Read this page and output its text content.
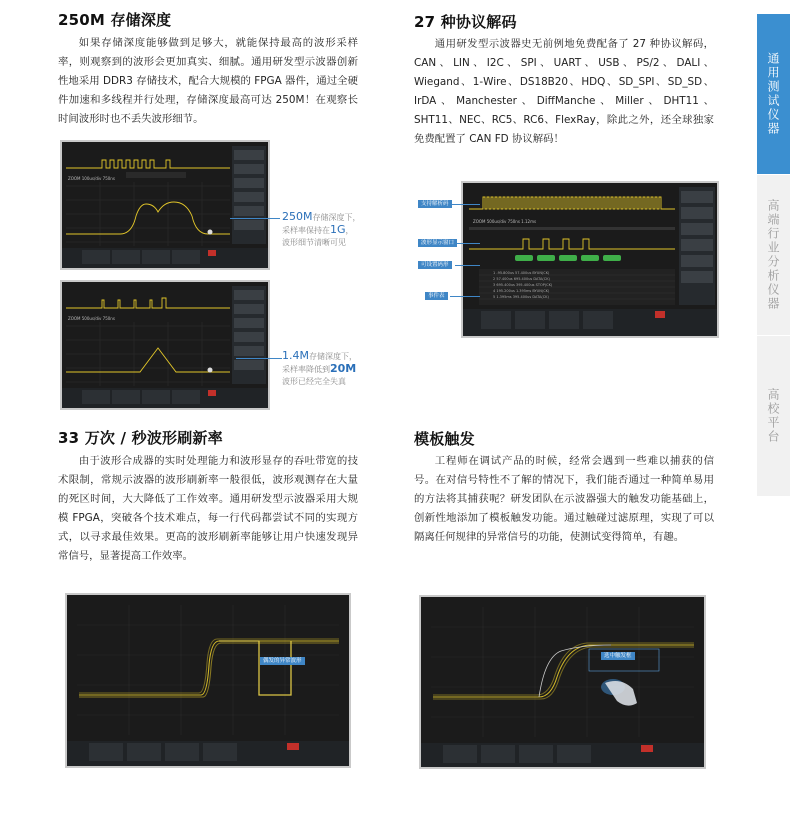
250M 存储深度

如果存储深度能够做到足够大，就能保持最高的波形采样率，则观察到的波形会更加真实、细腻。通用研发型示波器创新性地采用 DDR3 存储技术，配合大规模的 FPGA 器件，通过全硬件加速和多线程并行处理，存储深度最高可达 250M！在观察长时间波形时也不丢失波形细节。

ZOOM 100us/div 750ns
250M存储深度下，
采样率保持在1G，
波形细节清晰可见
ZOOM 500us/div 750ns
1.4M存储深度下，
采样率降低到20M
波形已经完全失真
27 种协议解码

通用研发型示波器史无前例地免费配备了 27 种协议解码，CAN、LIN、I2C、SPI、UART、USB、PS/2、DALI、Wiegand、1-Wire、DS18B20、HDQ、SD_SPI、SD_SD、IrDA、Manchester、DiffManche、Miller、DHT11、SHT11、NEC、RC5、RC6、FlexRay，除此之外，还全球独家免费配置了 CAN FD 协议解码！

ZOOM 500us/div 750ns 1.12ms
1 -95.800us 57.400us BYUN(CK)
2 57.400us 695.400us DATA(CK)
3 695.400us 395.400us STOP(CK)
4 195.200us 1.395ms BYUN(CK)
5 1.395ms 395.400us DATA(CK)
支持解析码
波形显示窗口
可设置码形
事件表
33 万次 / 秒波形刷新率

由于波形合成器的实时处理能力和波形显存的吞吐带宽的技术限制，常规示波器的波形刷新率一般很低，波形观测存在大量的死区时间，大大降低了工作效率。通用研发型示波器采用大规模 FPGA，突破各个技术难点，每一行代码都尝试不同的实现方式，以寻求最佳效果。更高的波形刷新率能够让用户快速发现异常信号，显著提高工作效率。

偶发的异常波形
模板触发

工程师在调试产品的时候，经常会遇到一些难以捕获的信号。在对信号特性不了解的情况下，我们能否通过一种简单易用的方法将其捕获呢？研发团队在示波器强大的触发功能基础上，创新性地添加了模板触发功能。通过触碰过滤原理，实现了可以隔离任何规律的异常信号的功能，使测试变得简单，有趣。

选中触发框
通用测试仪器
高端行业分析仪器
高校平台
